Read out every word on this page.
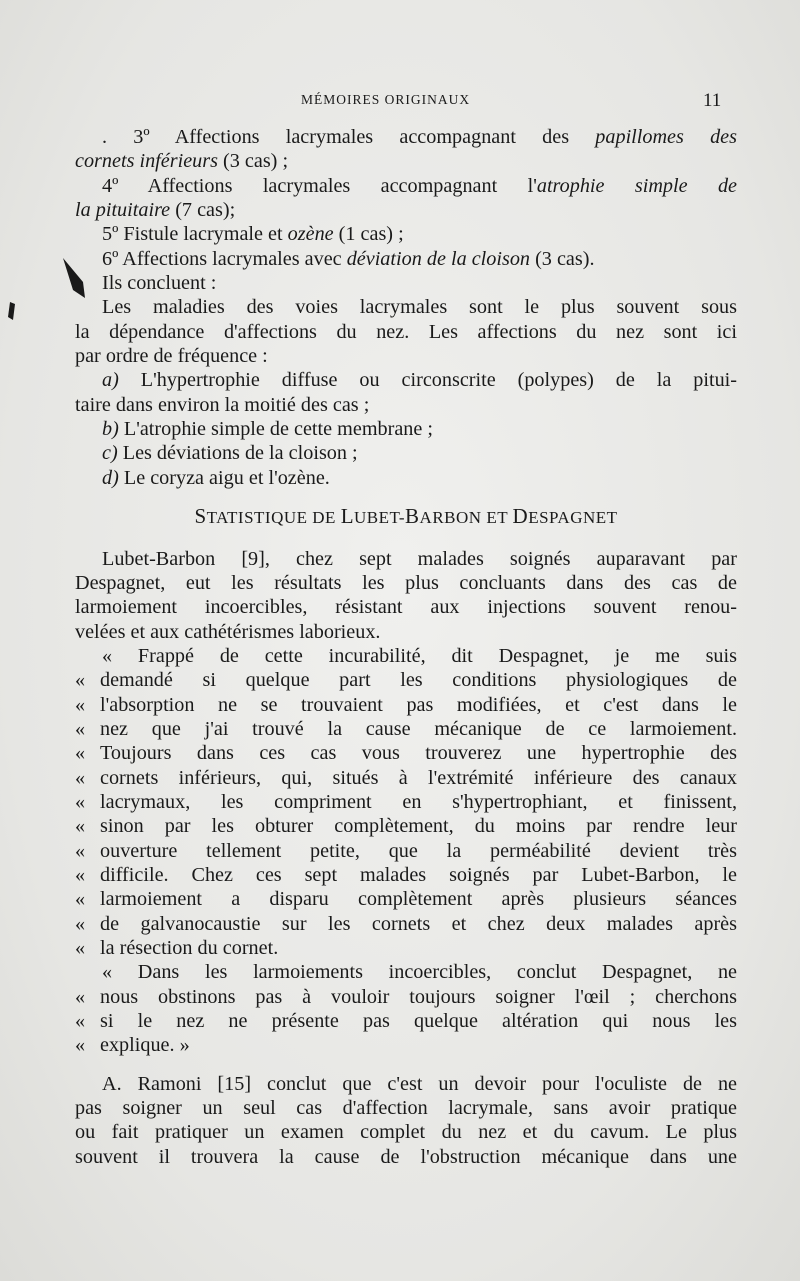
MÉMOIRES ORIGINAUX	11
. 3º Affections lacrymales accompagnant des papillomes des
cornets inférieurs (3 cas) ;
4º Affections lacrymales accompagnant l'atrophie simple de
la pituitaire (7 cas);
5º Fistule lacrymale et ozène (1 cas) ;
6º Affections lacrymales avec déviation de la cloison (3 cas).
Ils concluent :
Les maladies des voies lacrymales sont le plus souvent sous
la dépendance d'affections du nez. Les affections du nez sont ici
par ordre de fréquence :
a) L'hypertrophie diffuse ou circonscrite (polypes) de la pitui-
taire dans environ la moitié des cas ;
b) L'atrophie simple de cette membrane ;
c) Les déviations de la cloison ;
d) Le coryza aigu et l'ozène.
STATISTIQUE DE LUBET-BARBON ET DESPAGNET
Lubet-Barbon [9], chez sept malades soignés auparavant par
Despagnet, eut les résultats les plus concluants dans des cas de
larmoiement incoercibles, résistant aux injections souvent renou-
velées et aux cathétérismes laborieux.
« Frappé de cette incurabilité, dit Despagnet, je me suis
« demandé si quelque part les conditions physiologiques de
« l'absorption ne se trouvaient pas modifiées, et c'est dans le
« nez que j'ai trouvé la cause mécanique de ce larmoiement.
« Toujours dans ces cas vous trouverez une hypertrophie des
« cornets inférieurs, qui, situés à l'extrémité inférieure des canaux
« lacrymaux, les compriment en s'hypertrophiant, et finissent,
« sinon par les obturer complètement, du moins par rendre leur
« ouverture tellement petite, que la perméabilité devient très
« difficile. Chez ces sept malades soignés par Lubet-Barbon, le
« larmoiement a disparu complètement après plusieurs séances
« de galvanocaustie sur les cornets et chez deux malades après
« la résection du cornet.
« Dans les larmoiements incoercibles, conclut Despagnet, ne
« nous obstinons pas à vouloir toujours soigner l'œil ; cherchons
« si le nez ne présente pas quelque altération qui nous les
« explique. »
A. Ramoni [15] conclut que c'est un devoir pour l'oculiste de ne
pas soigner un seul cas d'affection lacrymale, sans avoir pratique
ou fait pratiquer un examen complet du nez et du cavum. Le plus
souvent il trouvera la cause de l'obstruction mécanique dans une
